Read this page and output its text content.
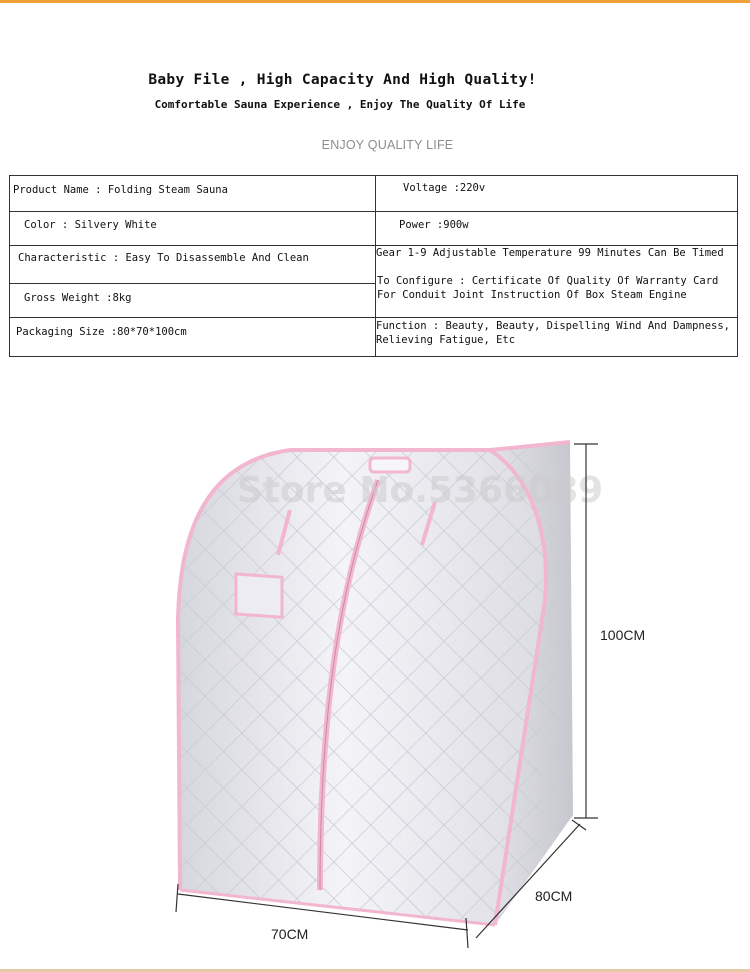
Baby File , High Capacity And High Quality!
Comfortable Sauna Experience , Enjoy The Quality Of Life
ENJOY QUALITY LIFE
Product Name : Folding Steam Sauna	Voltage :220v

Color : Silvery White	Power :900w

Characteristic : Easy To Disassemble And Clean	Gear 1-9 Adjustable Temperature 99 Minutes Can Be Timed
To Configure : Certificate Of Quality Of Warranty Card For Conduit Joint Instruction Of Box Steam Engine

Gross Weight :8kg	

Packaging Size :80*70*100cm	Function : Beauty, Beauty, Dispelling Wind And Dampness, Relieving Fatigue, Etc
Store No.5366089
100CM
70CM
80CM
